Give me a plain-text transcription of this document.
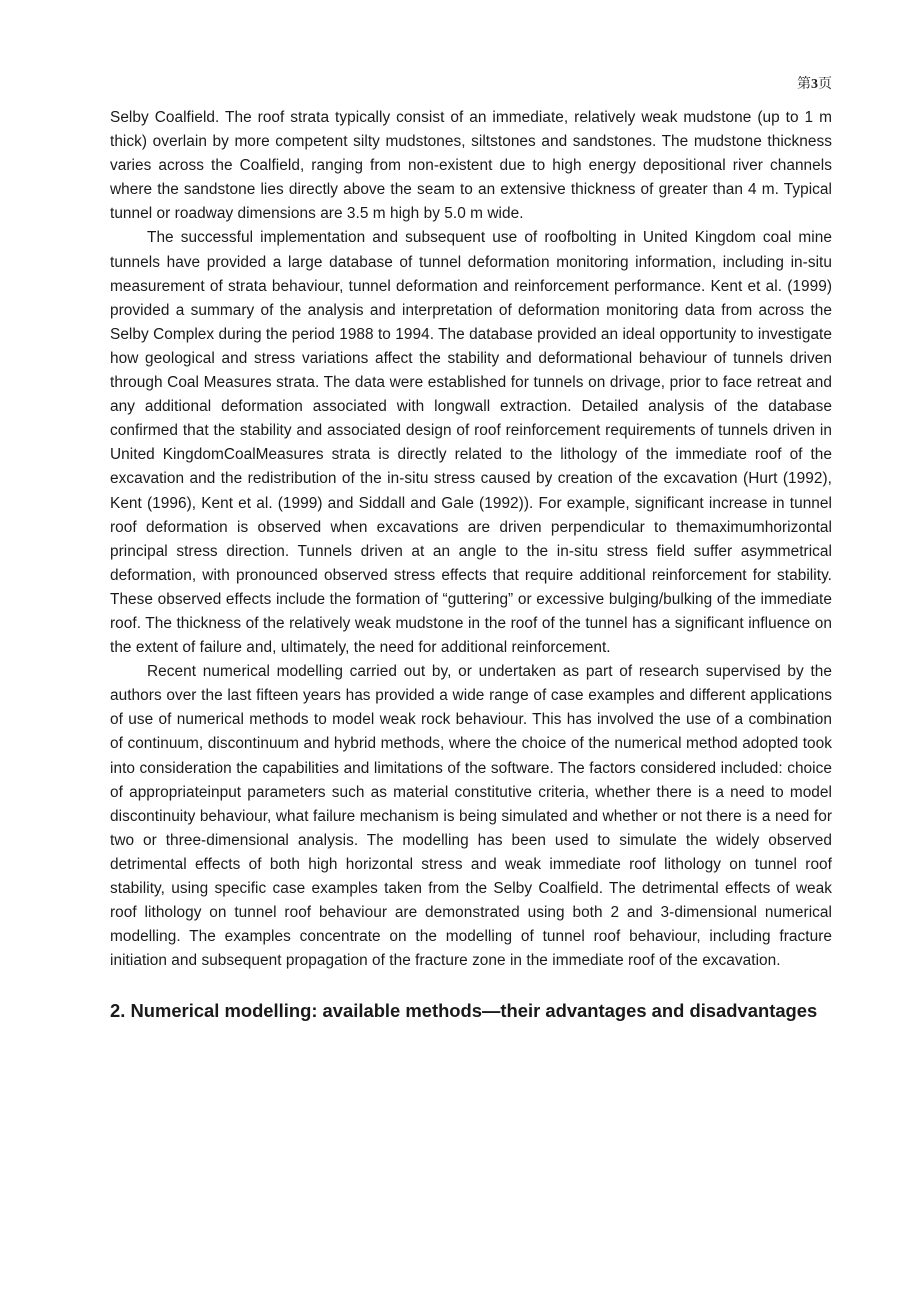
第3页

Selby Coalfield. The roof strata typically consist of an immediate, relatively weak mudstone (up to 1 m thick) overlain by more competent silty mudstones, siltstones and sandstones. The mudstone thickness varies across the Coalfield, ranging from non-existent due to high energy depositional river channels where the sandstone lies directly above the seam to an extensive thickness of greater than 4 m. Typical tunnel or roadway dimensions are 3.5 m high by 5.0 m wide.

The successful implementation and subsequent use of roofbolting in United Kingdom coal mine tunnels have provided a large database of tunnel deformation monitoring information, including in-situ measurement of strata behaviour, tunnel deformation and reinforcement performance. Kent et al. (1999) provided a summary of the analysis and interpretation of deformation monitoring data from across the Selby Complex during the period 1988 to 1994. The database provided an ideal opportunity to investigate how geological and stress variations affect the stability and deformational behaviour of tunnels driven through Coal Measures strata. The data were established for tunnels on drivage, prior to face retreat and any additional deformation associated with longwall extraction. Detailed analysis of the database confirmed that the stability and associated design of roof reinforcement requirements of tunnels driven in United KingdomCoalMeasures strata is directly related to the lithology of the immediate roof of the excavation and the redistribution of the in-situ stress caused by creation of the excavation (Hurt (1992), Kent (1996), Kent et al. (1999) and Siddall and Gale (1992)). For example, significant increase in tunnel roof deformation is observed when excavations are driven perpendicular to themaximumhorizontal principal stress direction. Tunnels driven at an angle to the in-situ stress field suffer asymmetrical deformation, with pronounced observed stress effects that require additional reinforcement for stability. These observed effects include the formation of “guttering” or excessive bulging/bulking of the immediate roof. The thickness of the relatively weak mudstone in the roof of the tunnel has a significant influence on the extent of failure and, ultimately, the need for additional reinforcement.

Recent numerical modelling carried out by, or undertaken as part of research supervised by the authors over the last fifteen years has provided a wide range of case examples and different applications of use of numerical methods to model weak rock behaviour. This has involved the use of a combination of continuum, discontinuum and hybrid methods, where the choice of the numerical method adopted took into consideration the capabilities and limitations of the software. The factors considered included: choice of appropriateinput parameters such as material constitutive criteria, whether there is a need to model discontinuity behaviour, what failure mechanism is being simulated and whether or not there is a need for two or three-dimensional analysis. The modelling has been used to simulate the widely observed detrimental effects of both high horizontal stress and weak immediate roof lithology on tunnel roof stability, using specific case examples taken from the Selby Coalfield. The detrimental effects of weak roof lithology on tunnel roof behaviour are demonstrated using both 2 and 3-dimensional numerical modelling. The examples concentrate on the modelling of tunnel roof behaviour, including fracture initiation and subsequent propagation of the fracture zone in the immediate roof of the excavation.

2. Numerical modelling: available methods—their advantages and disadvantages
